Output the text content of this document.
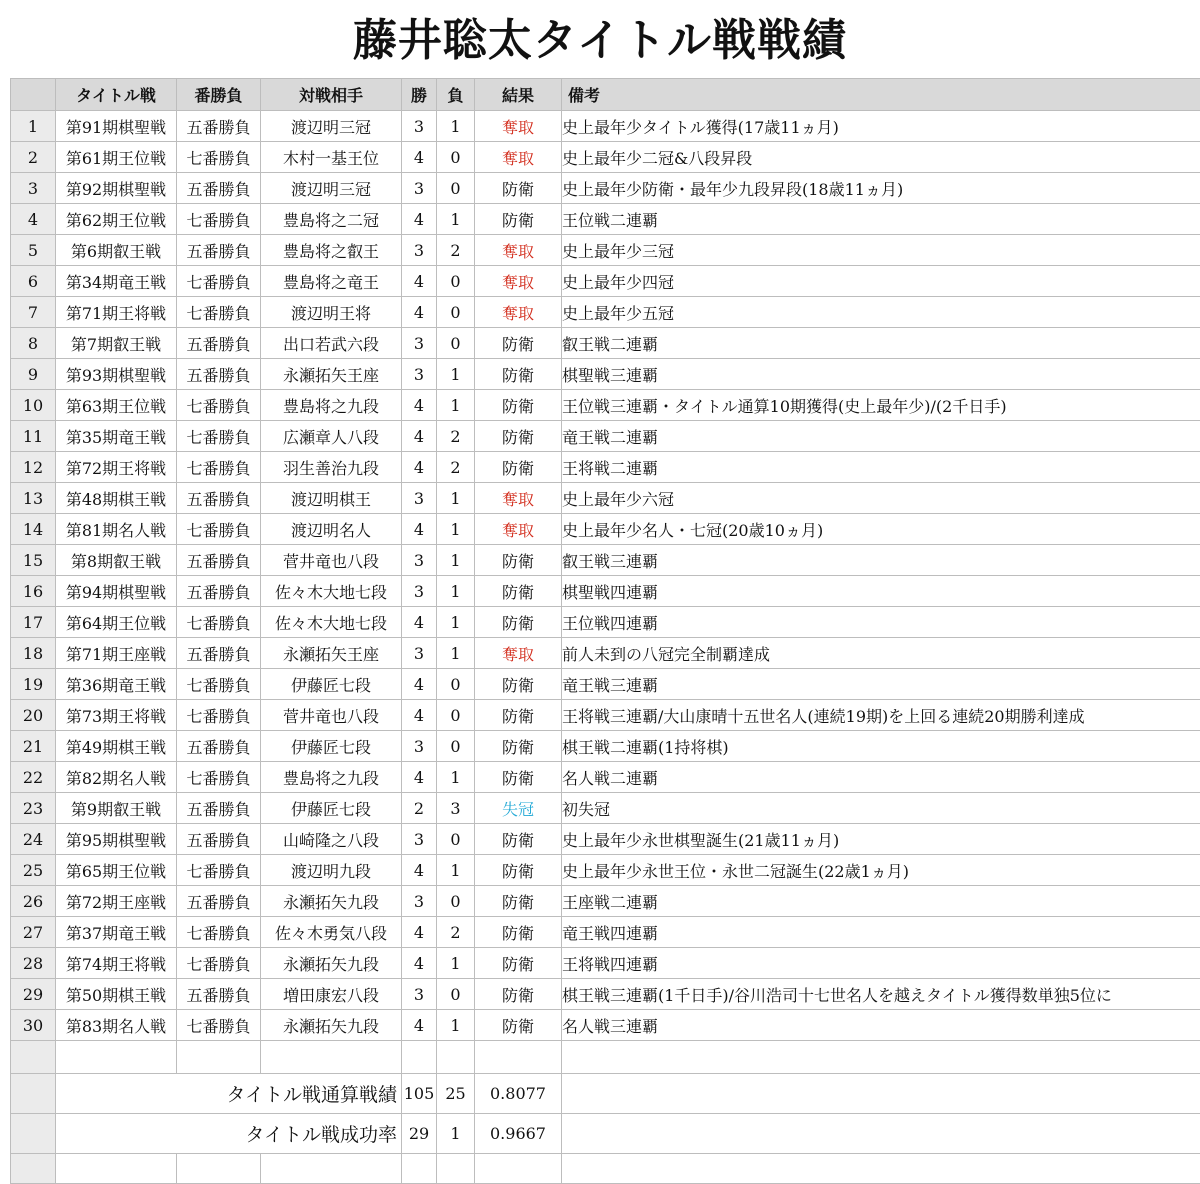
藤井聡太タイトル戦戦績
	タイトル戦	番勝負	対戦相手	勝	負	結果	備考
1	第91期棋聖戦	五番勝負	渡辺明三冠	3	1	奪取	史上最年少タイトル獲得(17歳11ヵ月)
2	第61期王位戦	七番勝負	木村一基王位	4	0	奪取	史上最年少二冠&八段昇段
3	第92期棋聖戦	五番勝負	渡辺明三冠	3	0	防衛	史上最年少防衛・最年少九段昇段(18歳11ヵ月)
4	第62期王位戦	七番勝負	豊島将之二冠	4	1	防衛	王位戦二連覇
5	第6期叡王戦	五番勝負	豊島将之叡王	3	2	奪取	史上最年少三冠
6	第34期竜王戦	七番勝負	豊島将之竜王	4	0	奪取	史上最年少四冠
7	第71期王将戦	七番勝負	渡辺明王将	4	0	奪取	史上最年少五冠
8	第7期叡王戦	五番勝負	出口若武六段	3	0	防衛	叡王戦二連覇
9	第93期棋聖戦	五番勝負	永瀬拓矢王座	3	1	防衛	棋聖戦三連覇
10	第63期王位戦	七番勝負	豊島将之九段	4	1	防衛	王位戦三連覇・タイトル通算10期獲得(史上最年少)/(2千日手)
11	第35期竜王戦	七番勝負	広瀬章人八段	4	2	防衛	竜王戦二連覇
12	第72期王将戦	七番勝負	羽生善治九段	4	2	防衛	王将戦二連覇
13	第48期棋王戦	五番勝負	渡辺明棋王	3	1	奪取	史上最年少六冠
14	第81期名人戦	七番勝負	渡辺明名人	4	1	奪取	史上最年少名人・七冠(20歳10ヵ月)
15	第8期叡王戦	五番勝負	菅井竜也八段	3	1	防衛	叡王戦三連覇
16	第94期棋聖戦	五番勝負	佐々木大地七段	3	1	防衛	棋聖戦四連覇
17	第64期王位戦	七番勝負	佐々木大地七段	4	1	防衛	王位戦四連覇
18	第71期王座戦	五番勝負	永瀬拓矢王座	3	1	奪取	前人未到の八冠完全制覇達成
19	第36期竜王戦	七番勝負	伊藤匠七段	4	0	防衛	竜王戦三連覇
20	第73期王将戦	七番勝負	菅井竜也八段	4	0	防衛	王将戦三連覇/大山康晴十五世名人(連続19期)を上回る連続20期勝利達成
21	第49期棋王戦	五番勝負	伊藤匠七段	3	0	防衛	棋王戦二連覇(1持将棋)
22	第82期名人戦	七番勝負	豊島将之九段	4	1	防衛	名人戦二連覇
23	第9期叡王戦	五番勝負	伊藤匠七段	2	3	失冠	初失冠
24	第95期棋聖戦	五番勝負	山崎隆之八段	3	0	防衛	史上最年少永世棋聖誕生(21歳11ヵ月)
25	第65期王位戦	七番勝負	渡辺明九段	4	1	防衛	史上最年少永世王位・永世二冠誕生(22歳1ヵ月)
26	第72期王座戦	五番勝負	永瀬拓矢九段	3	0	防衛	王座戦二連覇
27	第37期竜王戦	七番勝負	佐々木勇気八段	4	2	防衛	竜王戦四連覇
28	第74期王将戦	七番勝負	永瀬拓矢九段	4	1	防衛	王将戦四連覇
29	第50期棋王戦	五番勝負	増田康宏八段	3	0	防衛	棋王戦三連覇(1千日手)/谷川浩司十七世名人を越えタイトル獲得数単独5位に
30	第83期名人戦	七番勝負	永瀬拓矢九段	4	1	防衛	名人戦三連覇

	タイトル戦通算戦績			105	25	0.8077	
	タイトル戦成功率			29	1	0.9667	
